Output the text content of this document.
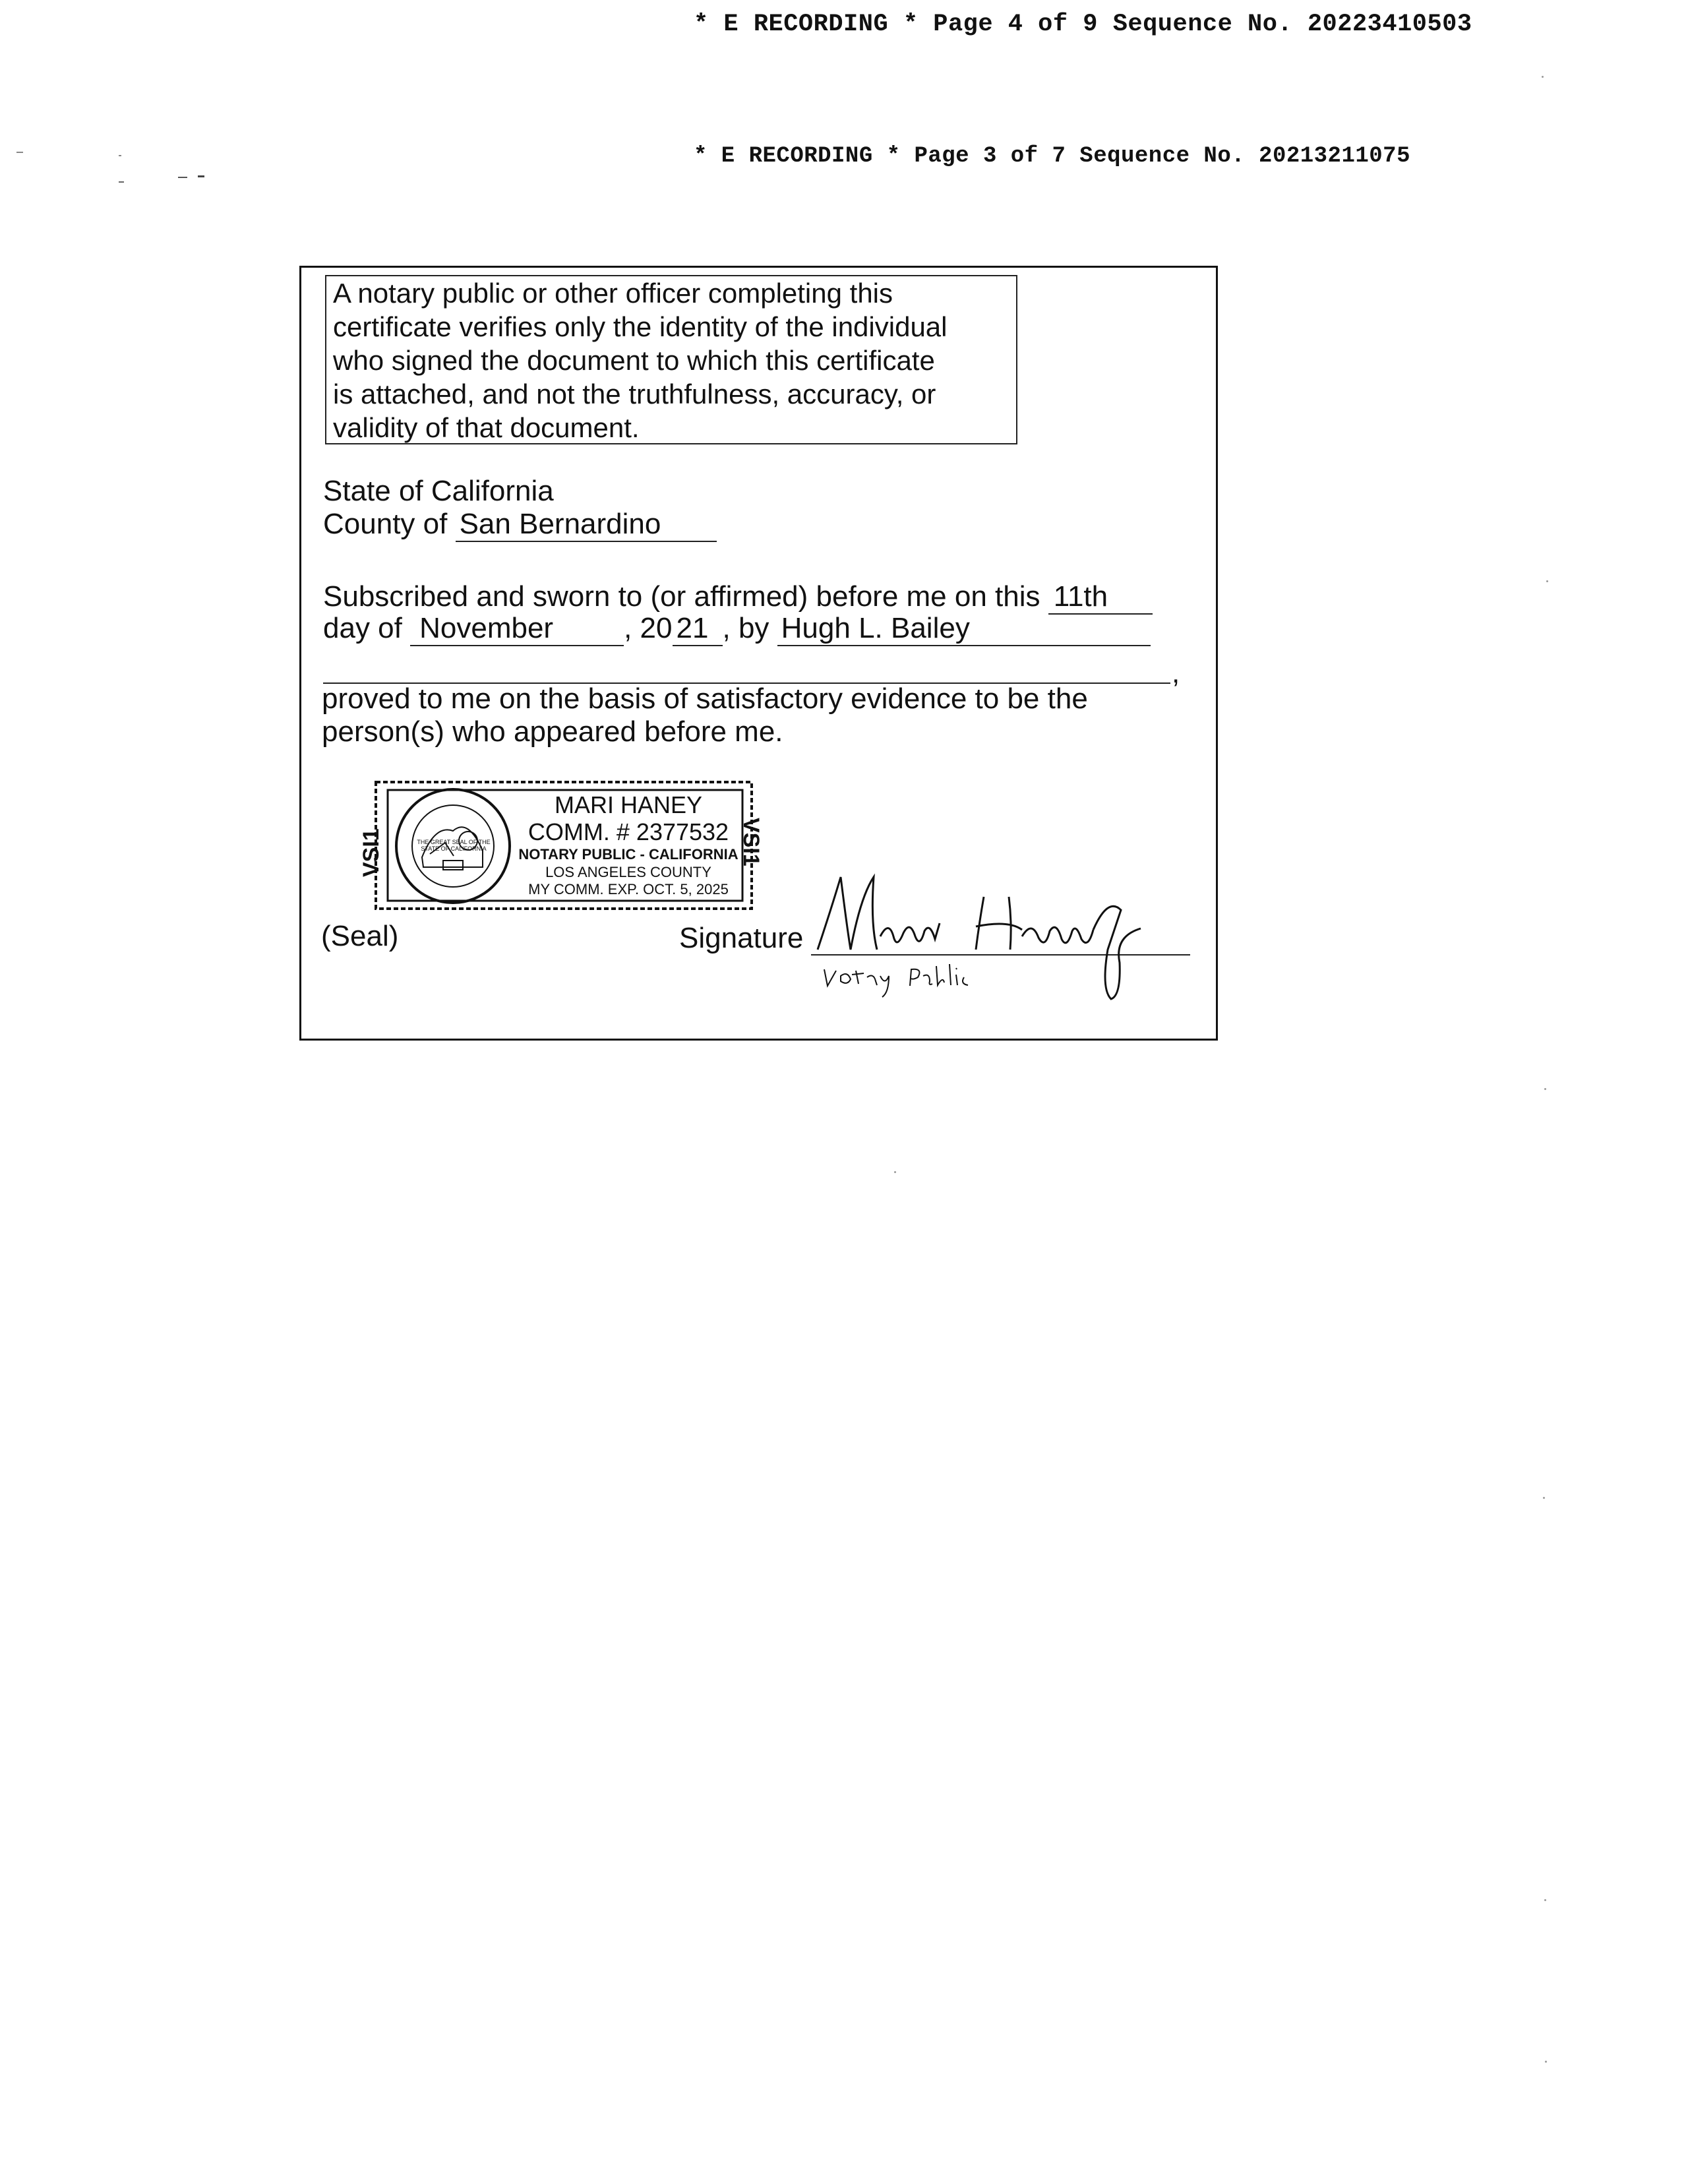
* E RECORDING * Page 4 of 9 Sequence No. 20223410503
* E RECORDING * Page 3 of 7 Sequence No. 20213211075

A notary public or other officer completing this

certificate verifies only the identity of the individual

who signed the document to which this certificate

is attached, and not the truthfulness, accuracy, or

validity of that document.

State of California
County of San Bernardino
Subscribed and sworn to (or affirmed) before me on this 11th
day of November , 20 21 , by Hugh L. Bailey
,
proved to me on the basis of satisfactory evidence to be the
person(s) who appeared before me.
VSI1	VSI1
THE GREAT SEAL OF THE STATE OF CALIFORNIA
MARI HANEY
COMM. # 2377532
NOTARY PUBLIC - CALIFORNIA
LOS ANGELES COUNTY
MY COMM. EXP. OCT. 5, 2025
(Seal)	Signature
